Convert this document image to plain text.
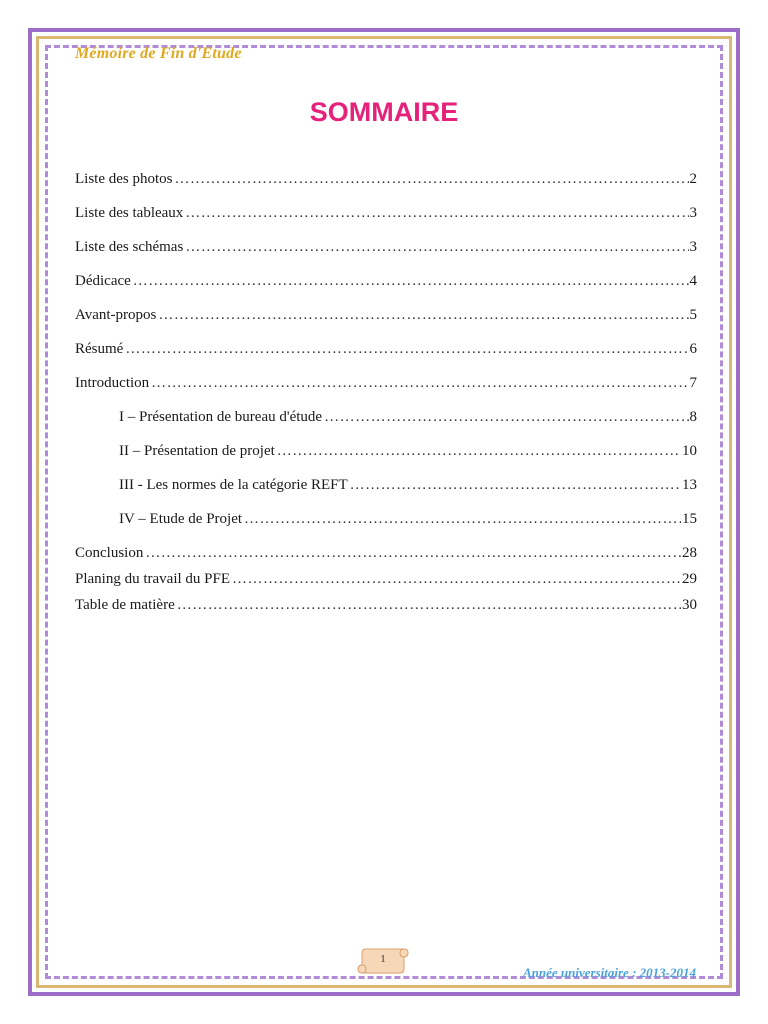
Mémoire de Fin d'Etude
SOMMAIRE
Liste des photos …………………………………………………………………………………………………………………………………………………………	2
Liste des tableaux …………………………………………………………………………………………………………………………………………………………	3
Liste des schémas …………………………………………………………………………………………………………………………………………………………	3
Dédicace …………………………………………………………………………………………………………………………………………………………	4
Avant-propos …………………………………………………………………………………………………………………………………………………………	5
Résumé …………………………………………………………………………………………………………………………………………………………	6
Introduction …………………………………………………………………………………………………………………………………………………………	7
I – Présentation de bureau d'étude …………………………………………………………………………………………………………………………………………………………	8
II – Présentation de projet …………………………………………………………………………………………………………………………………………………………	10
III - Les normes de la catégorie REFT …………………………………………………………………………………………………………………………………………………………	13
IV – Etude de Projet …………………………………………………………………………………………………………………………………………………………	15
Conclusion …………………………………………………………………………………………………………………………………………………………	28
Planing du travail du PFE …………………………………………………………………………………………………………………………………………………………	29
Table de matière …………………………………………………………………………………………………………………………………………………………	30
1
Année universitaire : 2013-2014
